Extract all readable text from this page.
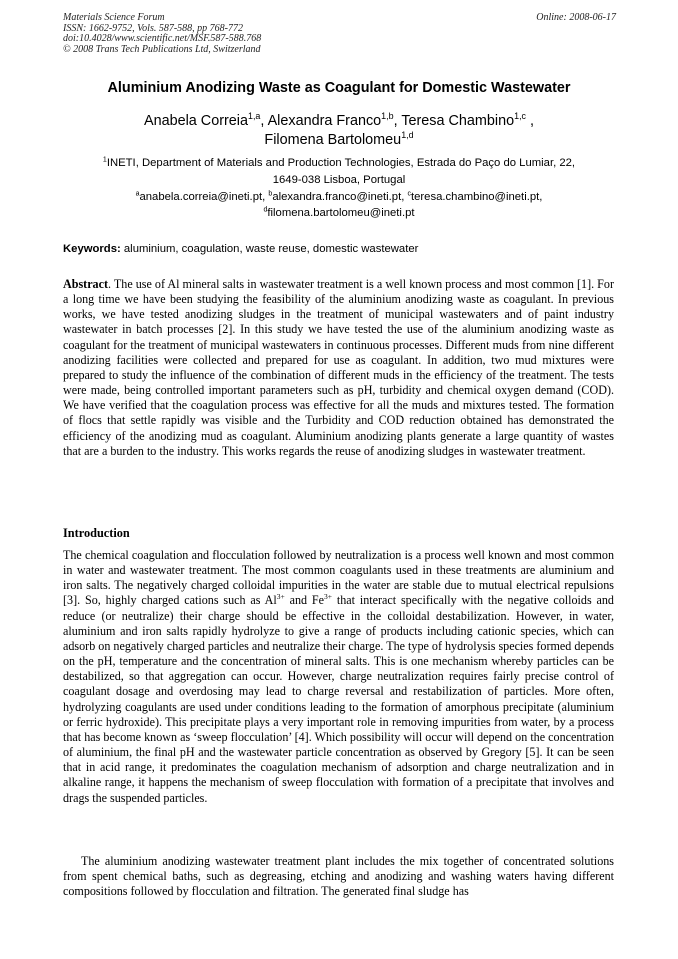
Materials Science Forum
ISSN: 1662-9752, Vols. 587-588, pp 768-772
doi:10.4028/www.scientific.net/MSF.587-588.768
© 2008 Trans Tech Publications Ltd, Switzerland
Online: 2008-06-17
Aluminium Anodizing Waste as Coagulant for Domestic Wastewater
Anabela Correia$^{1,a}$, Alexandra Franco$^{1,b}$, Teresa Chambino$^{1,c}$ ,
Filomena Bartolomeu$^{1,d}$
$^1$INETI, Department of Materials and Production Technologies, Estrada do Paço do Lumiar, 22,
1649-038 Lisboa, Portugal
$^a$anabela.correia@ineti.pt, $^b$alexandra.franco@ineti.pt, $^c$teresa.chambino@ineti.pt,
$^d$filomena.bartolomeu@ineti.pt
Keywords: aluminium, coagulation, waste reuse, domestic wastewater
Abstract. The use of Al mineral salts in wastewater treatment is a well known process and most common [1]. For a long time we have been studying the feasibility of the aluminium anodizing waste as coagulant. In previous works, we have tested anodizing sludges in the treatment of municipal wastewaters and of paint industry wastewater in batch processes [2]. In this study we have tested the use of the aluminium anodizing waste as coagulant for the treatment of municipal wastewaters in continuous processes. Different muds from nine different anodizing facilities were collected and prepared for use as coagulant. In addition, two mud mixtures were prepared to study the influence of the combination of different muds in the efficiency of the treatment. The tests were made, being controlled important parameters such as pH, turbidity and chemical oxygen demand (COD). We have verified that the coagulation process was effective for all the muds and mixtures tested. The formation of flocs that settle rapidly was visible and the Turbidity and COD reduction obtained has demonstrated the efficiency of the anodizing mud as coagulant. Aluminium anodizing plants generate a large quantity of wastes that are a burden to the industry. This works regards the reuse of anodizing sludges in wastewater treatment.
Introduction
The chemical coagulation and flocculation followed by neutralization is a process well known and most common in water and wastewater treatment. The most common coagulants used in these treatments are aluminium and iron salts. The negatively charged colloidal impurities in the water are stable due to mutual electrical repulsions [3]. So, highly charged cations such as $Al^{3+}$ and $Fe^{3+}$ that interact specifically with the negative colloids and reduce (or neutralize) their charge should be effective in the colloidal destabilization. However, in water, aluminium and iron salts rapidly hydrolyze to give a range of products including cationic species, which can adsorb on negatively charged particles and neutralize their charge. The type of hydrolysis species formed depends on the pH, temperature and the concentration of mineral salts. This is one mechanism whereby particles can be destabilized, so that aggregation can occur. However, charge neutralization requires fairly precise control of coagulant dosage and overdosing may lead to charge reversal and restabilization of particles. More often, hydrolyzing coagulants are used under conditions leading to the formation of amorphous precipitate (aluminium or ferric hydroxide). This precipitate plays a very important role in removing impurities from water, by a process that has become known as ‘sweep flocculation’ [4]. Which possibility will occur will depend on the concentration of aluminium, the final pH and the wastewater particle concentration as observed by Gregory [5]. It can be seen that in acid range, it predominates the coagulation mechanism of adsorption and charge neutralization and in alkaline range, it happens the mechanism of sweep flocculation with formation of a precipitate that involves and drags the suspended particles.
The aluminium anodizing wastewater treatment plant includes the mix together of concentrated solutions from spent chemical baths, such as degreasing, etching and anodizing and washing waters having different compositions followed by flocculation and filtration. The generated final sludge has
